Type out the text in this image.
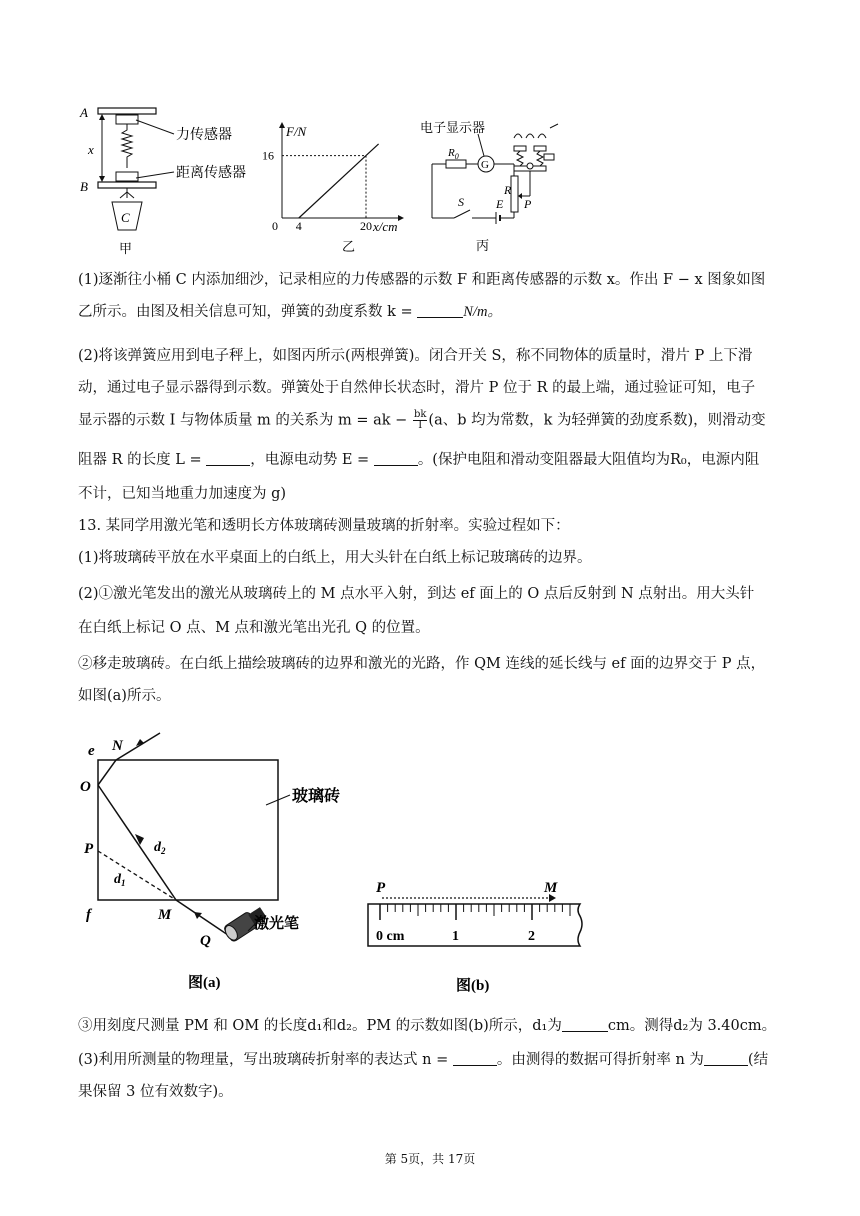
A
B
x
力传感器
距离传感器
C
甲
16
0 4	20
F/N
x/cm
乙
电子显示器
$R_0$
G
R
P
S	E
丙
(1)逐渐往小桶 C 内添加细沙，记录相应的力传感器的示数 F 和距离传感器的示数 x。作出 F − x 图象如图
乙所示。由图及相关信息可知，弹簧的劲度系数 k =	N/m。
(2)将该弹簧应用到电子秤上，如图丙所示(两根弹簧)。闭合开关 S，称不同物体的质量时，滑片 P 上下滑
动，通过电子显示器得到示数。弹簧处于自然伸长状态时，滑片 P 位于 R 的最上端，通过验证可知，电子
显示器的示数 I 与物体质量 m 的关系为 m = ak − $\frac{bk}{I} (a$、b 均为常数，k 为轻弹簧的劲度系数)，则滑动变
阻器 R 的长度 L =	，电源电动势 E =	。(保护电阻和滑动变阻器最大阻值均为R₀，电源内阻
不计，已知当地重力加速度为 g)
13. 某同学用激光笔和透明长方体玻璃砖测量玻璃的折射率。实验过程如下：
(1)将玻璃砖平放在水平桌面上的白纸上，用大头针在白纸上标记玻璃砖的边界。
(2)①激光笔发出的激光从玻璃砖上的 M 点水平入射，到达 ef 面上的 O 点后反射到 N 点射出。用大头针
在白纸上标记 O 点、M 点和激光笔出光孔 Q 的位置。
②移走玻璃砖。在白纸上描绘玻璃砖的边界和激光的光路，作 QM 连线的延长线与 ef 面的边界交于 P 点，
如图(a)所示。
玻璃砖
e N
O
P
f	M
Q
$d_2$
$d_1$
激光笔
图(a)
P	M
0 cm	1	2
图(b)
③用刻度尺测量 PM 和 OM 的长度d₁和d₂。PM 的示数如图(b)所示，d₁为	cm。测得d₂为 3.40cm。
(3)利用所测量的物理量，写出玻璃砖折射率的表达式 n =	。由测得的数据可得折射率 n 为	(结
果保留 3 位有效数字)。
第 5页，共 17页
